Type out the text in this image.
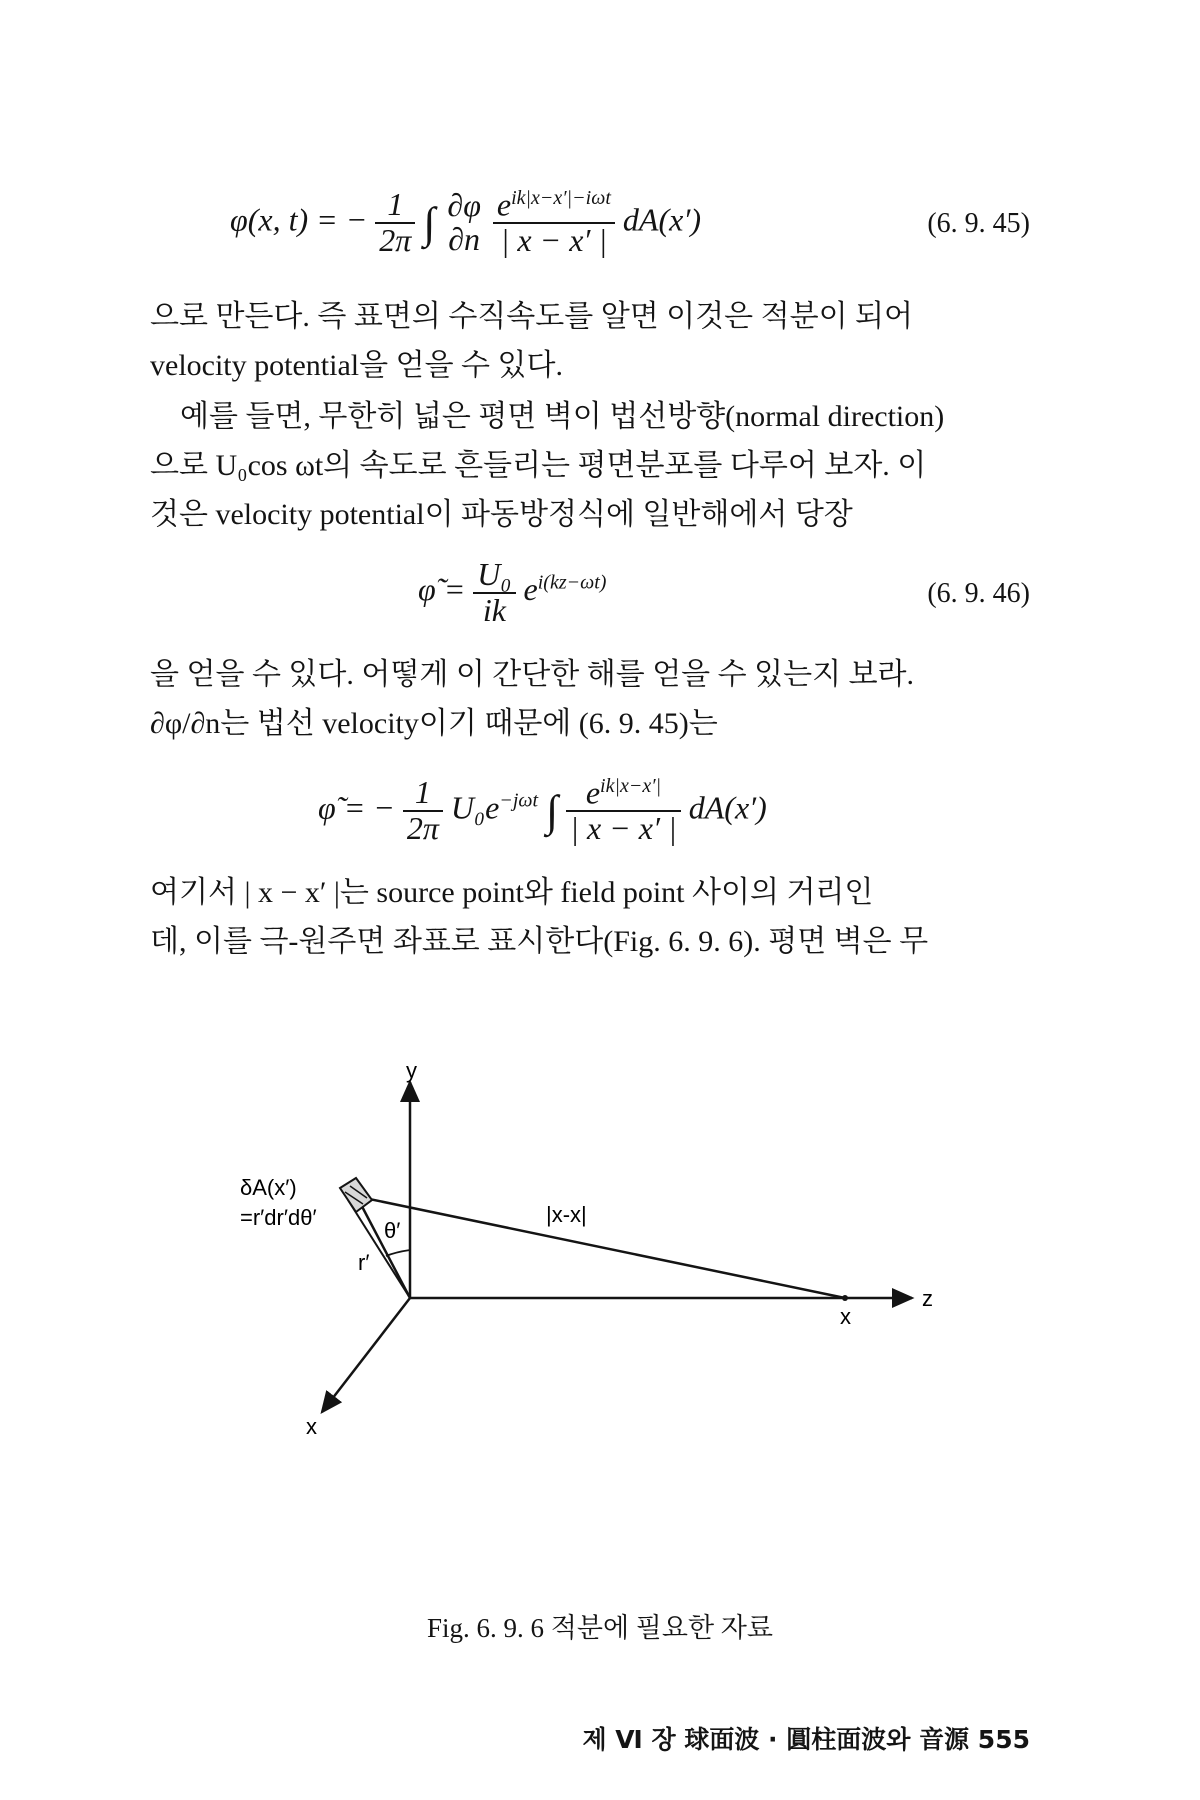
φ(x, t) = − $\frac{1}{2\pi}$ ∫ ∂φ
∂n
$\frac{e^{ik|x-x'|-i\omega t}}{| x - x' |} dA(x')$	(6. 9. 45)

으로 만든다. 즉 표면의 수직속도를 알면 이것은 적분이 되어

velocity potential을 얻을 수 있다.

예를 들면, 무한히 넓은 평면 벽이 법선방향(normal direction)

으로 U₀cos ωt의 속도로 흔들리는 평면분포를 다루어 보자. 이

것은 velocity potential이 파동방정식에 일반해에서 당장

φ̃ = $\frac{\text{U₀}}{ik} e^{i(kz-\omega t)}$	(6. 9. 46)

을 얻을 수 있다. 어떻게 이 간단한 해를 얻을 수 있는지 보라.

∂φ/∂n는 법선 velocity이기 때문에 (6. 9. 45)는

φ̃ = − $\frac{1}{2\pi} U_0e^{-j\omega t}$ ∫ $\frac{e^{ik|x-x'|}}{| x - x' |} dA(x')$

여기서 | x − x′ |는 source point와 field point 사이의 거리인

데, 이를 극-원주면 좌표로 표시한다(Fig. 6. 9. 6). 평면 벽은 무

y
z
x
x
|x-x|
δA(x′)
=r′dr′dθ′
θ′
r′
Fig. 6. 9. 6 적분에 필요한 자료
제 Ⅵ 장 球面波 · 圓柱面波와 音源 555
